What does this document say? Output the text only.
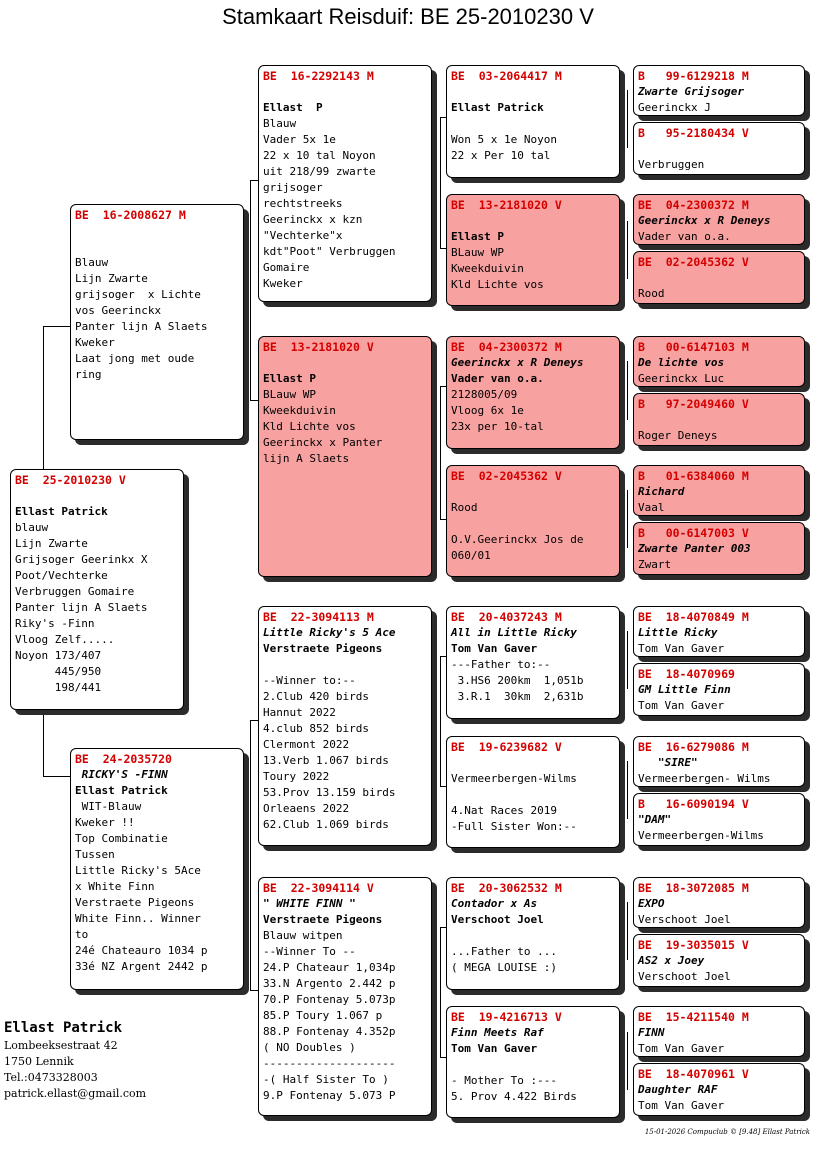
Stamkaart Reisduif: BE 25-2010230 V
BE  25-2010230 V
Ellast Patrick
blauw
Lijn Zwarte
Grijsoger Geerinkx X
Poot/Vechterke
Verbruggen Gomaire
Panter lijn A Slaets
Riky's -Finn
Vloog Zelf.....
Noyon 173/407
445/950
198/441
BE  16-2008627 M
Blauw
Lijn Zwarte
grijsoger  x Lichte
vos Geerinckx
Panter lijn A Slaets
Kweker
Laat jong met oude
ring
BE  24-2035720
RICKY'S -FINN
Ellast Patrick
WIT-Blauw
Kweker !!
Top Combinatie
Tussen
Little Ricky's 5Ace
x White Finn
Verstraete Pigeons
White Finn.. Winner
to
24é Chateauro 1034 p
33é NZ Argent 2442 p
BE  16-2292143 M
Ellast  P
Blauw
Vader 5x 1e
22 x 10 tal Noyon
uit 218/99 zwarte
grijsoger
rechtstreeks
Geerinckx x kzn
"Vechterke"x
kdt"Poot" Verbruggen
Gomaire
Kweker
BE  13-2181020 V
Ellast P
BLauw WP
Kweekduivin
Kld Lichte vos
Geerinckx x Panter
lijn A Slaets
BE  22-3094113 M
Little Ricky's 5 Ace
Verstraete Pigeons
--Winner to:--
2.Club 420 birds
Hannut 2022
4.club 852 birds
Clermont 2022
13.Verb 1.067 birds
Toury 2022
53.Prov 13.159 birds
Orleaens 2022
62.Club 1.069 birds
BE  22-3094114 V
" WHITE FINN "
Verstraete Pigeons
Blauw witpen
--Winner To --
24.P Chateaur 1,034p
33.N Argento 2.442 p
70.P Fontenay 5.073p
85.P Toury 1.067 p
88.P Fontenay 4.352p
( NO Doubles )
--------------------
-( Half Sister To )
9.P Fontenay 5.073 P
BE  03-2064417 M
Ellast Patrick
Won 5 x 1e Noyon
22 x Per 10 tal
BE  13-2181020 V
Ellast P
BLauw WP
Kweekduivin
Kld Lichte vos
BE  04-2300372 M
Geerinckx x R Deneys
Vader van o.a.
2128005/09
Vloog 6x 1e
23x per 10-tal
BE  02-2045362 V
Rood
O.V.Geerinckx Jos de
060/01
BE  20-4037243 M
All in Little Ricky
Tom Van Gaver
---Father to:--
3.HS6 200km  1,051b
3.R.1  30km  2,631b
BE  19-6239682 V
Vermeerbergen-Wilms
4.Nat Races 2019
-Full Sister Won:--
BE  20-3062532 M
Contador x As
Verschoot Joel
...Father to ...
( MEGA LOUISE :)
BE  19-4216713 V
Finn Meets Raf
Tom Van Gaver
- Mother To :---
5. Prov 4.422 Birds
B   99-6129218 M
Zwarte Grijsoger
Geerinckx J
B   95-2180434 V
Verbruggen
BE  04-2300372 M
Geerinckx x R Deneys
Vader van o.a.
BE  02-2045362 V
Rood
B   00-6147103 M
De lichte vos
Geerinckx Luc
B   97-2049460 V
Roger Deneys
B   01-6384060 M
Richard
Vaal
B   00-6147003 V
Zwarte Panter 003
Zwart
BE  18-4070849 M
Little Ricky
Tom Van Gaver
BE  18-4070969
GM Little Finn
Tom Van Gaver
BE  16-6279086 M
"SIRE"
Vermeerbergen- Wilms
B   16-6090194 V
"DAM"
Vermeerbergen-Wilms
BE  18-3072085 M
EXPO
Verschoot Joel
BE  19-3035015 V
AS2 x Joey
Verschoot Joel
BE  15-4211540 M
FINN
Tom Van Gaver
BE  18-4070961 V
Daughter RAF
Tom Van Gaver
Ellast Patrick
Lombeeksestraat 42
1750 Lennik
Tel.:0473328003
patrick.ellast@gmail.com
15-01-2026 Compuclub © [9.48] Ellast Patrick
